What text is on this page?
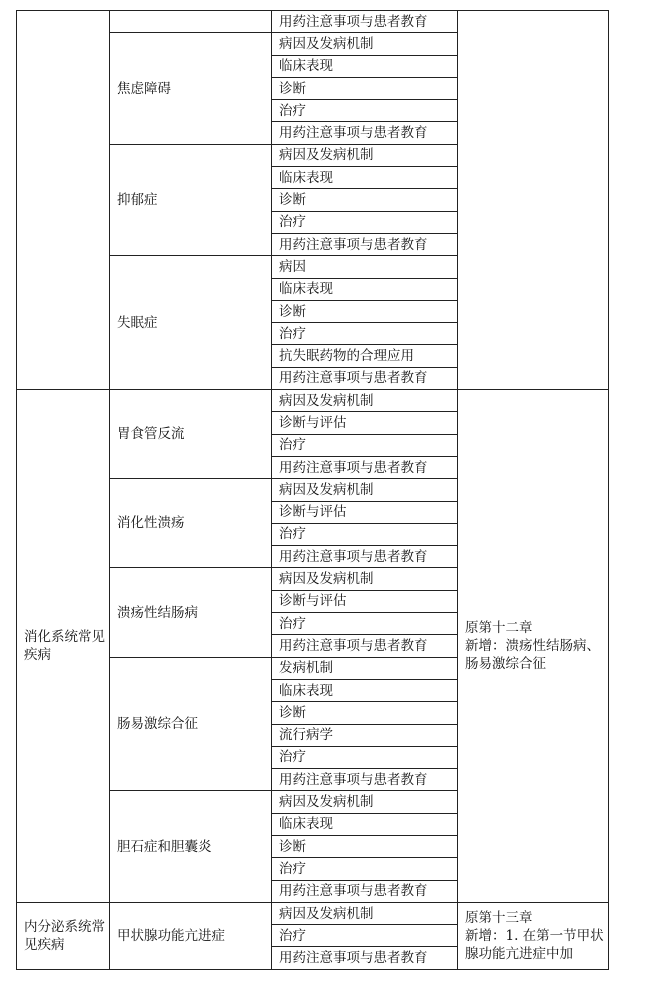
		用药注意事项与患者教育	
	焦虑障碍	病因及发病机制	
		临床表现	
		诊断	
		治疗	
		用药注意事项与患者教育	
	抑郁症	病因及发病机制	
		临床表现	
		诊断	
		治疗	
		用药注意事项与患者教育	
	失眠症	病因	
		临床表现	
		诊断	
		治疗	
		抗失眠药物的合理应用	
		用药注意事项与患者教育	
消化系统常见疾病	胃食管反流	病因及发病机制	原第十二章
新增：溃疡性结肠病、肠易激综合征
		诊断与评估	
		治疗	
		用药注意事项与患者教育	
	消化性溃疡	病因及发病机制	
		诊断与评估	
		治疗	
		用药注意事项与患者教育	
	溃疡性结肠病	病因及发病机制	
		诊断与评估	
		治疗	
		用药注意事项与患者教育	
	肠易激综合征	发病机制	
		临床表现	
		诊断	
		流行病学	
		治疗	
		用药注意事项与患者教育	
	胆石症和胆囊炎	病因及发病机制	
		临床表现	
		诊断	
		治疗	
		用药注意事项与患者教育	
内分泌系统常见疾病	甲状腺功能亢进症	病因及发病机制	原第十三章
新增：1. 在第一节甲状腺功能亢进症中加
		治疗	
		用药注意事项与患者教育	
